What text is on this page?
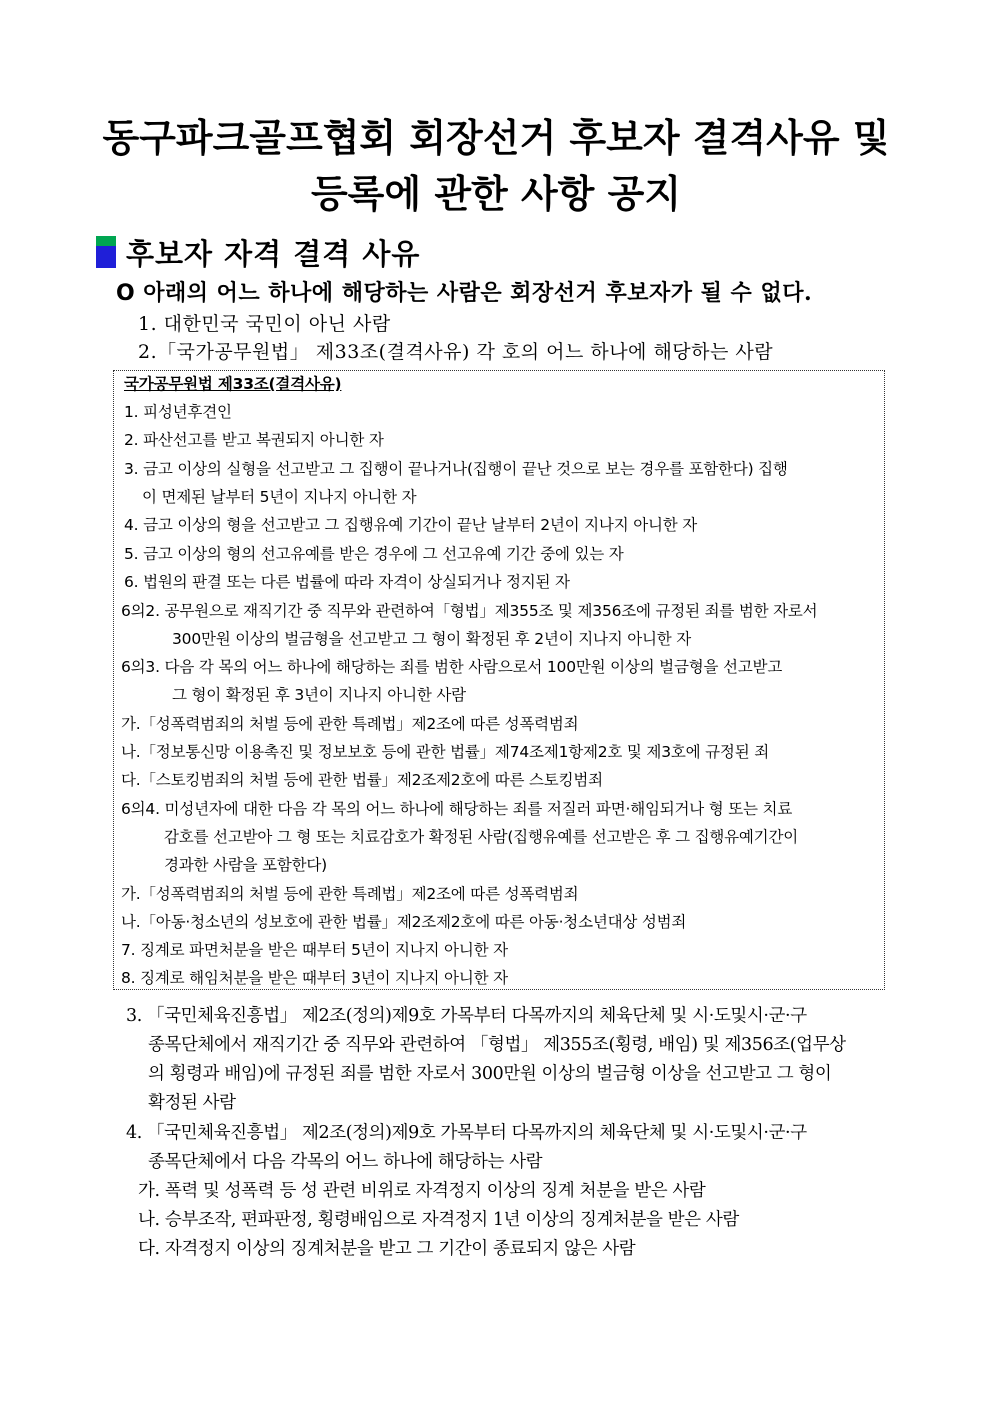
동구파크골프협회 회장선거 후보자 결격사유 및
등록에 관한 사항 공지
후보자 자격 결격 사유
O 아래의 어느 하나에 해당하는 사람은 회장선거 후보자가 될 수 없다.
1. 대한민국 국민이 아닌 사람
2.「국가공무원법」 제33조(결격사유) 각 호의 어느 하나에 해당하는 사람
국가공무원법 제33조(결격사유)
1. 피성년후견인
2. 파산선고를 받고 복권되지 아니한 자
3. 금고 이상의 실형을 선고받고 그 집행이 끝나거나(집행이 끝난 것으로 보는 경우를 포함한다) 집행
이 면제된 날부터 5년이 지나지 아니한 자
4. 금고 이상의 형을 선고받고 그 집행유예 기간이 끝난 날부터 2년이 지나지 아니한 자
5. 금고 이상의 형의 선고유예를 받은 경우에 그 선고유예 기간 중에 있는 자
6. 법원의 판결 또는 다른 법률에 따라 자격이 상실되거나 정지된 자
6의2. 공무원으로 재직기간 중 직무와 관련하여「형법」제355조 및 제356조에 규정된 죄를 범한 자로서
300만원 이상의 벌금형을 선고받고 그 형이 확정된 후 2년이 지나지 아니한 자
6의3. 다음 각 목의 어느 하나에 해당하는 죄를 범한 사람으로서 100만원 이상의 벌금형을 선고받고
그 형이 확정된 후 3년이 지나지 아니한 사람
가.「성폭력범죄의 처벌 등에 관한 특례법」제2조에 따른 성폭력범죄
나.「정보통신망 이용촉진 및 정보보호 등에 관한 법률」제74조제1항제2호 및 제3호에 규정된 죄
다.「스토킹범죄의 처벌 등에 관한 법률」제2조제2호에 따른 스토킹범죄
6의4. 미성년자에 대한 다음 각 목의 어느 하나에 해당하는 죄를 저질러 파면·해임되거나 형 또는 치료
감호를 선고받아 그 형 또는 치료감호가 확정된 사람(집행유예를 선고받은 후 그 집행유예기간이
경과한 사람을 포함한다)
가.「성폭력범죄의 처벌 등에 관한 특례법」제2조에 따른 성폭력범죄
나.「아동·청소년의 성보호에 관한 법률」제2조제2호에 따른 아동·청소년대상 성범죄
7. 징계로 파면처분을 받은 때부터 5년이 지나지 아니한 자
8. 징계로 해임처분을 받은 때부터 3년이 지나지 아니한 자
3. 「국민체육진흥법」 제2조(정의)제9호 가목부터 다목까지의 체육단체 및 시·도및시·군·구
종목단체에서 재직기간 중 직무와 관련하여 「형법」 제355조(횡령, 배임) 및 제356조(업무상
의 횡령과 배임)에 규정된 죄를 범한 자로서 300만원 이상의 벌금형 이상을 선고받고 그 형이
확정된 사람
4. 「국민체육진흥법」 제2조(정의)제9호 가목부터 다목까지의 체육단체 및 시·도및시·군·구
종목단체에서 다음 각목의 어느 하나에 해당하는 사람
가. 폭력 및 성폭력 등 성 관련 비위로 자격정지 이상의 징계 처분을 받은 사람
나. 승부조작, 편파판정, 횡령배임으로 자격정지 1년 이상의 징계처분을 받은 사람
다. 자격정지 이상의 징계처분을 받고 그 기간이 종료되지 않은 사람
